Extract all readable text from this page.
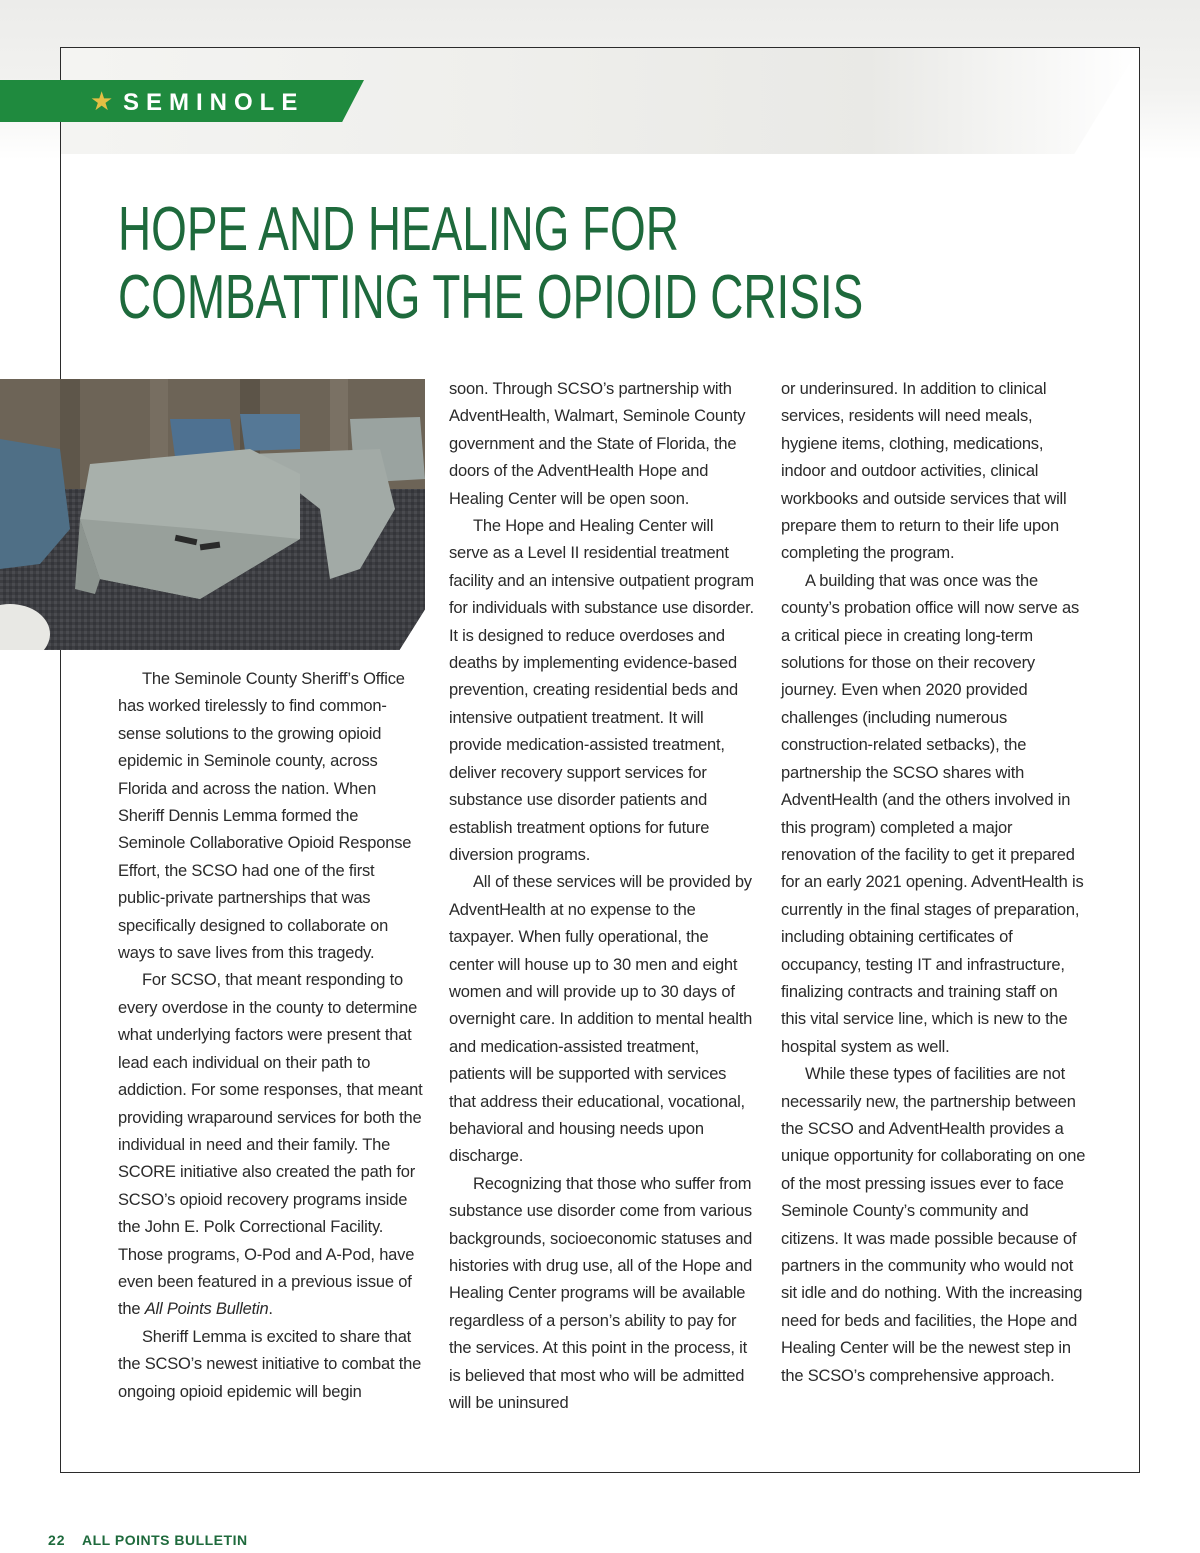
★ SEMINOLE
HOPE AND HEALING FOR
COMBATTING THE OPIOID CRISIS

The Seminole County Sheriff’s Office has worked tirelessly to find common-sense solutions to the growing opioid epidemic in Seminole county, across Florida and across the nation. When Sheriff Dennis Lemma formed the Seminole Collaborative Opioid Response Effort, the SCSO had one of the first public-private partnerships that was specifically designed to collaborate on ways to save lives from this tragedy.

For SCSO, that meant responding to every overdose in the county to determine what underlying factors were present that lead each individual on their path to addiction. For some responses, that meant providing wraparound services for both the individual in need and their family. The SCORE initiative also created the path for SCSO’s opioid recovery programs inside the John E. Polk Correctional Facility. Those programs, O-Pod and A-Pod, have even been featured in a previous issue of the All Points Bulletin.

Sheriff Lemma is excited to share that the SCSO’s newest initiative to combat the ongoing opioid epidemic will begin

soon. Through SCSO’s partnership with AdventHealth, Walmart, Seminole County government and the State of Florida, the doors of the AdventHealth Hope and Healing Center will be open soon.

The Hope and Healing Center will serve as a Level II residential treatment facility and an intensive outpatient program for individuals with substance use disorder. It is designed to reduce overdoses and deaths by implementing evidence-based prevention, creating residential beds and intensive outpatient treatment. It will provide medication-assisted treatment, deliver recovery support services for substance use disorder patients and establish treatment options for future diversion programs.

All of these services will be provided by AdventHealth at no expense to the taxpayer. When fully operational, the center will house up to 30 men and eight women and will provide up to 30 days of overnight care. In addition to mental health and medication-assisted treatment, patients will be supported with services that address their educational, vocational, behavioral and housing needs upon discharge.

Recognizing that those who suffer from substance use disorder come from various backgrounds, socioeconomic statuses and histories with drug use, all of the Hope and Healing Center programs will be available regardless of a person’s ability to pay for the services. At this point in the process, it is believed that most who will be admitted will be uninsured

or underinsured. In addition to clinical services, residents will need meals, hygiene items, clothing, medications, indoor and outdoor activities, clinical workbooks and outside services that will prepare them to return to their life upon completing the program.

A building that was once was the county’s probation office will now serve as a critical piece in creating long-term solutions for those on their recovery journey. Even when 2020 provided challenges (including numerous construction-related setbacks), the partnership the SCSO shares with AdventHealth (and the others involved in this program) completed a major renovation of the facility to get it prepared for an early 2021 opening. AdventHealth is currently in the final stages of preparation, including obtaining certificates of occupancy, testing IT and infrastructure, finalizing contracts and training staff on this vital service line, which is new to the hospital system as well.

While these types of facilities are not necessarily new, the partnership between the SCSO and AdventHealth provides a unique opportunity for collaborating on one of the most pressing issues ever to face Seminole County’s community and citizens. It was made possible because of partners in the community who would not sit idle and do nothing. With the increasing need for beds and facilities, the Hope and Healing Center will be the newest step in the SCSO’s comprehensive approach.

22 ALL POINTS BULLETIN
